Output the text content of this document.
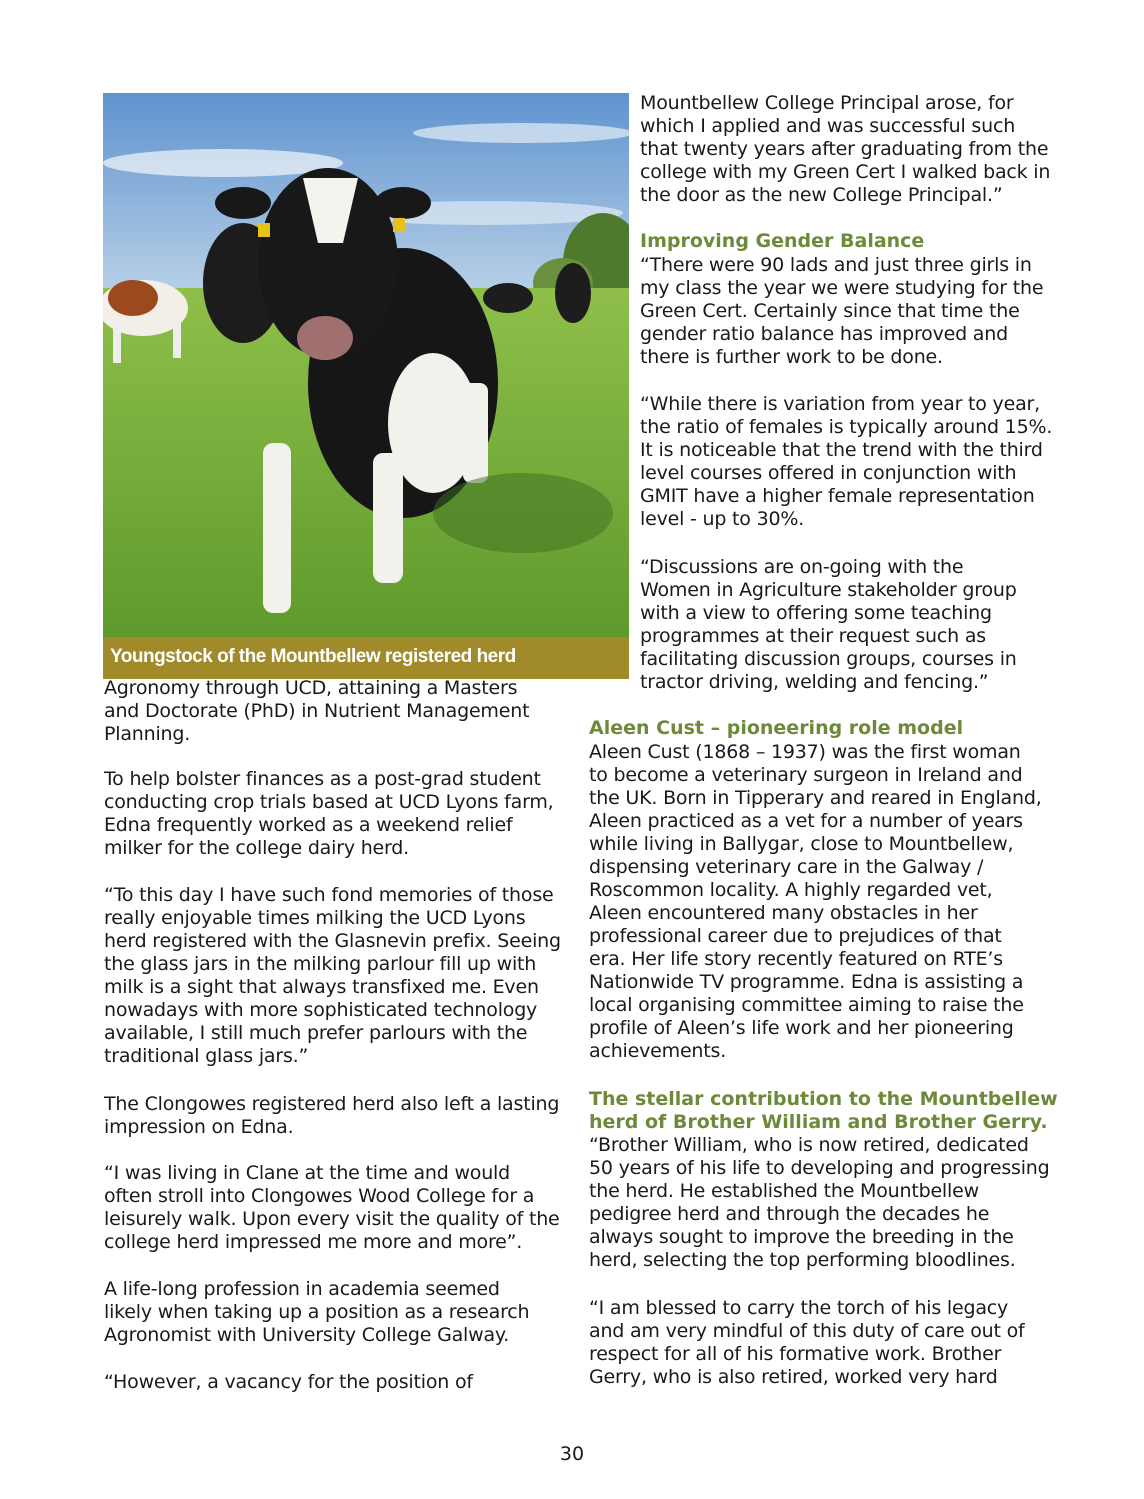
Youngstock of the Mountbellew registered herd

Agronomy through UCD, attaining a Masters
and Doctorate (PhD) in Nutrient Management
Planning.

To help bolster finances as a post-grad student
conducting crop trials based at UCD Lyons farm,
Edna frequently worked as a weekend relief
milker for the college dairy herd.

“To this day I have such fond memories of those
really enjoyable times milking the UCD Lyons
herd registered with the Glasnevin prefix. Seeing
the glass jars in the milking parlour fill up with
milk is a sight that always transfixed me. Even
nowadays with more sophisticated technology
available, I still much prefer parlours with the
traditional glass jars.”

The Clongowes registered herd also left a lasting
impression on Edna.

“I was living in Clane at the time and would
often stroll into Clongowes Wood College for a
leisurely walk. Upon every visit the quality of the
college herd impressed me more and more”.

A life-long profession in academia seemed
likely when taking up a position as a research
Agronomist with University College Galway.

“However, a vacancy for the position of

Mountbellew College Principal arose, for
which I applied and was successful such
that twenty years after graduating from the
college with my Green Cert I walked back in
the door as the new College Principal.”

Improving Gender Balance

“There were 90 lads and just three girls in
my class the year we were studying for the
Green Cert. Certainly since that time the
gender ratio balance has improved and
there is further work to be done.

“While there is variation from year to year,
the ratio of females is typically around 15%.
It is noticeable that the trend with the third
level courses offered in conjunction with
GMIT have a higher female representation
level - up to 30%.

“Discussions are on-going with the
Women in Agriculture stakeholder group
with a view to offering some teaching
programmes at their request such as
facilitating discussion groups, courses in
tractor driving, welding and fencing.”

Aleen Cust – pioneering role model

Aleen Cust (1868 – 1937) was the first woman
to become a veterinary surgeon in Ireland and
the UK. Born in Tipperary and reared in England,
Aleen practiced as a vet for a number of years
while living in Ballygar, close to Mountbellew,
dispensing veterinary care in the Galway /
Roscommon locality. A highly regarded vet,
Aleen encountered many obstacles in her
professional career due to prejudices of that
era. Her life story recently featured on RTE’s
Nationwide TV programme. Edna is assisting a
local organising committee aiming to raise the
profile of Aleen’s life work and her pioneering
achievements.

The stellar contribution to the Mountbellew
herd of Brother William and Brother Gerry.

“Brother William, who is now retired, dedicated
50 years of his life to developing and progressing
the herd. He established the Mountbellew
pedigree herd and through the decades he
always sought to improve the breeding in the
herd, selecting the top performing bloodlines.

“I am blessed to carry the torch of his legacy
and am very mindful of this duty of care out of
respect for all of his formative work. Brother
Gerry, who is also retired, worked very hard

30
